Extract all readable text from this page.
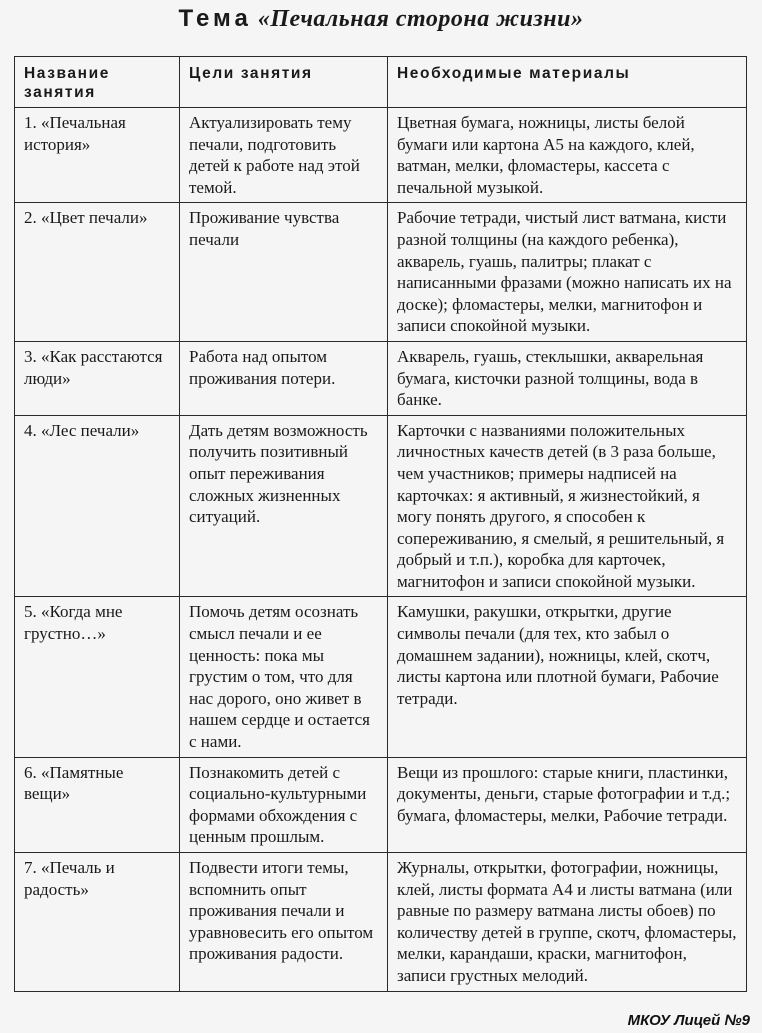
Тема «Печальная сторона жизни»
Название занятия	Цели занятия	Необходимые материалы
1. «Печальная история»	Актуализировать тему печали, подготовить детей к работе над этой темой.	Цветная бумага, ножницы, листы белой бумаги или картона А5 на каждого, клей, ватман, мелки, фломастеры, кассета с печальной музыкой.
2. «Цвет печали»	Проживание чувства печали	Рабочие тетради, чистый лист ватмана, кисти разной толщины (на каждого ребенка), акварель, гуашь, палитры; плакат с написанными фразами (можно написать их на доске); фломастеры, мелки, магнитофон и записи спокойной музыки.
3. «Как расстаются люди»	Работа над опытом проживания потери.	Акварель, гуашь, стеклышки, акварельная бумага, кисточки разной толщины, вода в банке.
4. «Лес печали»	Дать детям возможность получить позитивный опыт переживания сложных жизненных ситуаций.	Карточки с названиями положительных личностных качеств детей (в 3 раза больше, чем участников; примеры надписей на карточках: я активный, я жизнестойкий, я могу понять другого, я способен к сопереживанию, я смелый, я решительный, я добрый и т.п.), коробка для карточек, магнитофон и записи спокойной музыки.
5. «Когда мне грустно…»	Помочь детям осознать смысл печали и ее ценность: пока мы грустим о том, что для нас дорого, оно живет в нашем сердце и остается с нами.	Камушки, ракушки, открытки, другие символы печали (для тех, кто забыл о домашнем задании), ножницы, клей, скотч, листы картона или плотной бумаги, Рабочие тетради.
6. «Памятные вещи»	Познакомить детей с социально-культурными формами обхождения с ценным прошлым.	Вещи из прошлого: старые книги, пластинки, документы, деньги, старые фотографии и т.д.; бумага, фломастеры, мелки, Рабочие тетради.
7. «Печаль и радость»	Подвести итоги темы, вспомнить опыт проживания печали и уравновесить его опытом проживания радости.	Журналы, открытки, фотографии, ножницы, клей, листы формата А4 и листы ватмана (или равные по размеру ватмана листы обоев) по количеству детей в группе, скотч, фломастеры, мелки, карандаши, краски, магнитофон, записи грустных мелодий.
МКОУ Лицей №9
